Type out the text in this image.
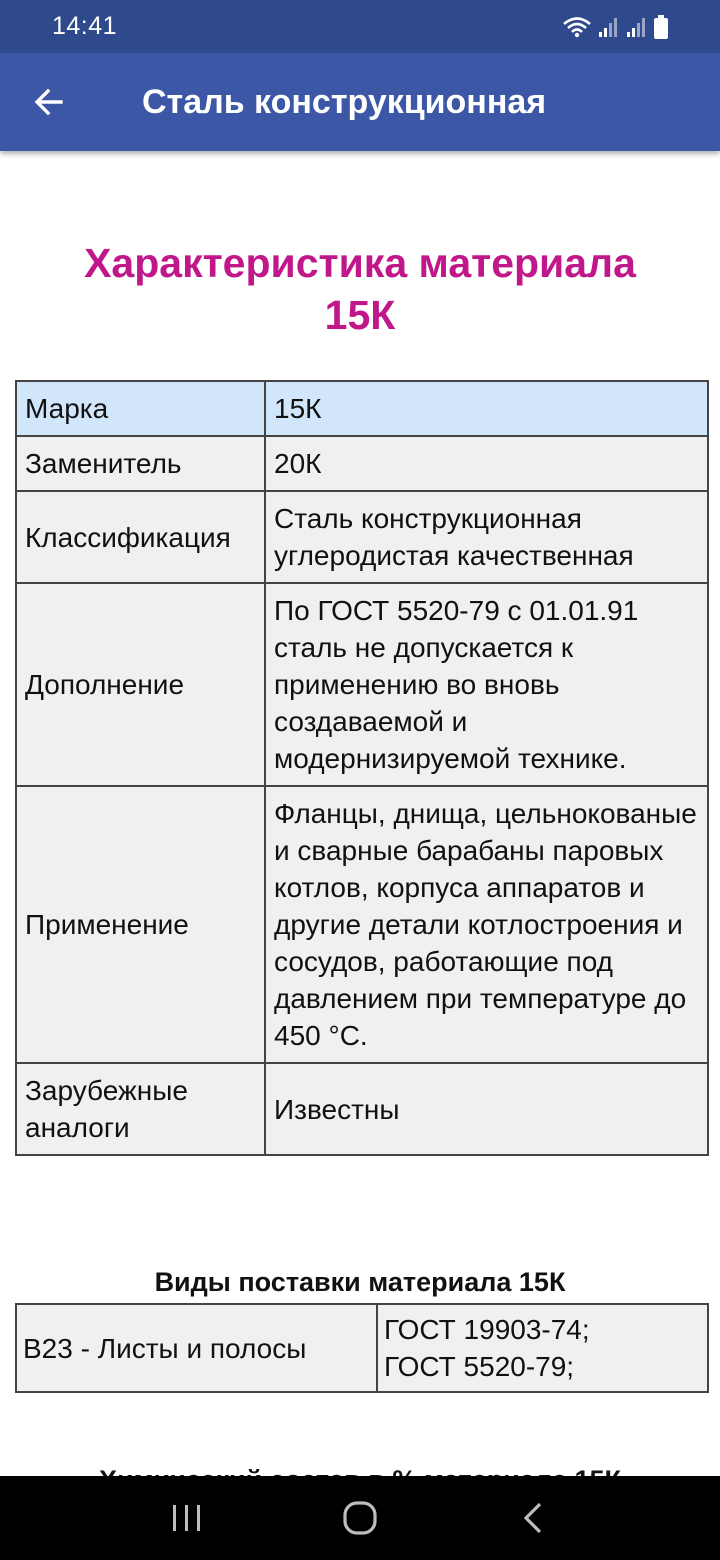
14:41
Сталь конструкционная
Характеристика материала
15К
Марка	15К
Заменитель	20К
Классификация	Сталь конструкционная углеродистая качественная
Дополнение	По ГОСТ 5520-79 с 01.01.91 сталь не допускается к применению во вновь создаваемой и модернизируемой технике.
Применение	Фланцы, днища, цельнокованые и сварные барабаны паровых котлов, корпуса аппаратов и другие детали котлостроения и сосудов, работающие под давлением при температуре до 450 °С.
Зарубежные аналоги	Известны
Виды поставки материала 15К
В23 - Листы и полосы	ГОСТ 19903-74;
ГОСТ 5520-79;
